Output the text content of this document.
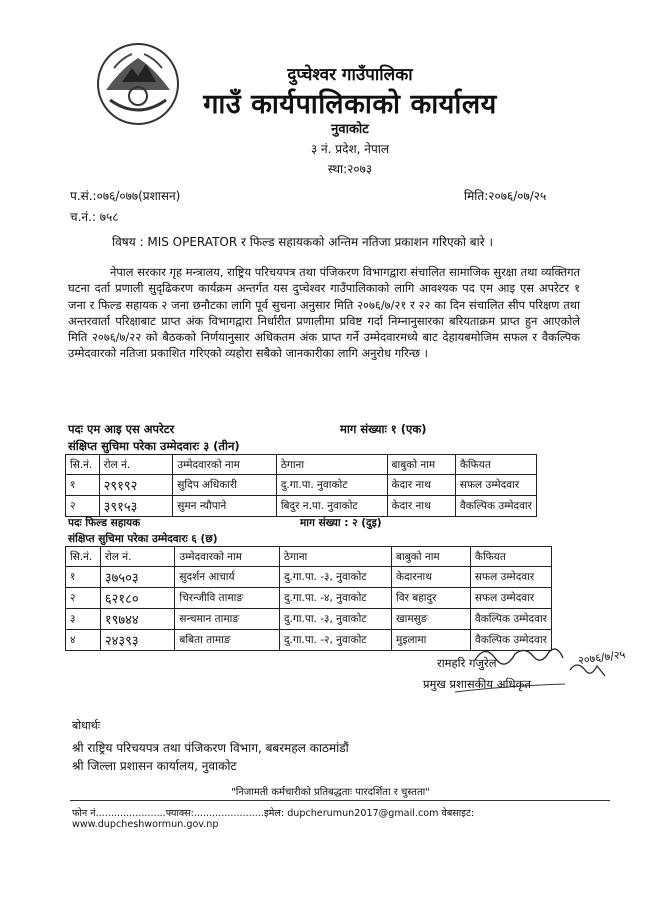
दुप्चेश्वर गाउँपालिका
गाउँ कार्यपालिकाको कार्यालय
नुवाकोट
३ नं. प्रदेश, नेपाल
स्था:२०७३
प.सं.:०७६/०७७(प्रशासन)
च.नं.: ७५८
मिति:२०७६/०७/२५
विषय : MIS OPERATOR र फिल्ड सहायकको अन्तिम नतिजा प्रकाशन गरिएको बारे ।
नेपाल सरकार गृह मन्त्रालय, राष्ट्रिय परिचयपत्र तथा पंजिकरण विभागद्वारा संचालित सामाजिक सुरक्षा तथा व्यक्तिगत घटना दर्ता प्रणाली सुदृढिकरण कार्यक्रम अन्तर्गत यस दुप्चेश्वर गाउँपालिकाको लागि आवश्यक पद एम आइ एस अपरेटर १ जना र फिल्ड सहायक २ जना छनौटका लागि पूर्व सुचना अनुसार मिति २०७६/७/२१ र २२ का दिन संचालित सीप परिक्षण तथा अन्तरवार्ता परिक्षाबाट प्राप्त अंक विभागद्वारा निर्धारीत प्रणालीमा प्रविष्ट गर्दा निम्नानुसारका बरियताक्रम प्राप्त हुन आएकोले मिति २०७६/७/२२ को बैठकको निर्णयानुसार अधिकतम अंक प्राप्त गर्ने उम्मेदवारमध्ये बाट देहायबमोजिम सफल र वैकल्पिक उम्मेदवारको नतिजा प्रकाशित गरिएको व्यहोरा सबैको जानकारीका लागि अनुरोध गरिन्छ ।
पदः एम आइ एस अपरेटर	माग संख्याः १ (एक)
संक्षिप्त सुचिमा परेका उम्मेदवारः ३ (तीन)
सि.नं.	रोल नं.	उम्मेदवारको नाम	ठेगाना	बाबुको नाम	कैफियत
१	२९१९२	सुदिप अधिकारी	दु.गा.पा. नुवाकोट	केदार नाथ	सफल उम्मेदवार
२	३९१५३	सुमन न्यौपाने	बिदुर न.पा. नुवाकोट	केदार नाथ	वैकल्पिक उम्मेदवार
पदः फिल्ड सहायक	माग संख्या : २ (दुइ)
संक्षिप्त सुचिमा परेका उम्मेदवारः ६ (छ)
सि.नं.	रोल नं.	उम्मेदवारको नाम	ठेगाना	बाबुको नाम	कैफियत
१	३७५०३	सुदर्शन आचार्य	दु.गा.पा. -३, नुवाकोट	केदारनाथ	सफल उम्मेदवार
२	६२१८०	चिरन्जीवि तामाङ	दु.गा.पा. -४, नुवाकोट	विर बहादुर	सफल उम्मेदवार
३	१९७४४	सन्चमान तामाङ	दु.गा.पा. -३, नुवाकोट	खामसुङ	वैकल्पिक उम्मेदवार
४	२४३९३	बबिता तामाङ	दु.गा.पा. -२, नुवाकोट	मुइलामा	वैकल्पिक उम्मेदवार
रामहरि गजुरेल
प्रमुख प्रशासकीय अधिकृत
२०७६/७/२५
बोधार्थः
श्री राष्ट्रिय परिचयपत्र तथा पंजिकरण विभाग, बबरमहल काठमांडौं
श्री जिल्ला प्रशासन कार्यालय, नुवाकोट
"निजामती कर्मचारीको प्रतिबद्धताः पारदर्शिता र चुस्तता"
फोन नं.......................फ्याक्स:.......................इमेल: dupcherumun2017@gmail.com वेबसाइट: www.dupcheshwormun.gov.np
